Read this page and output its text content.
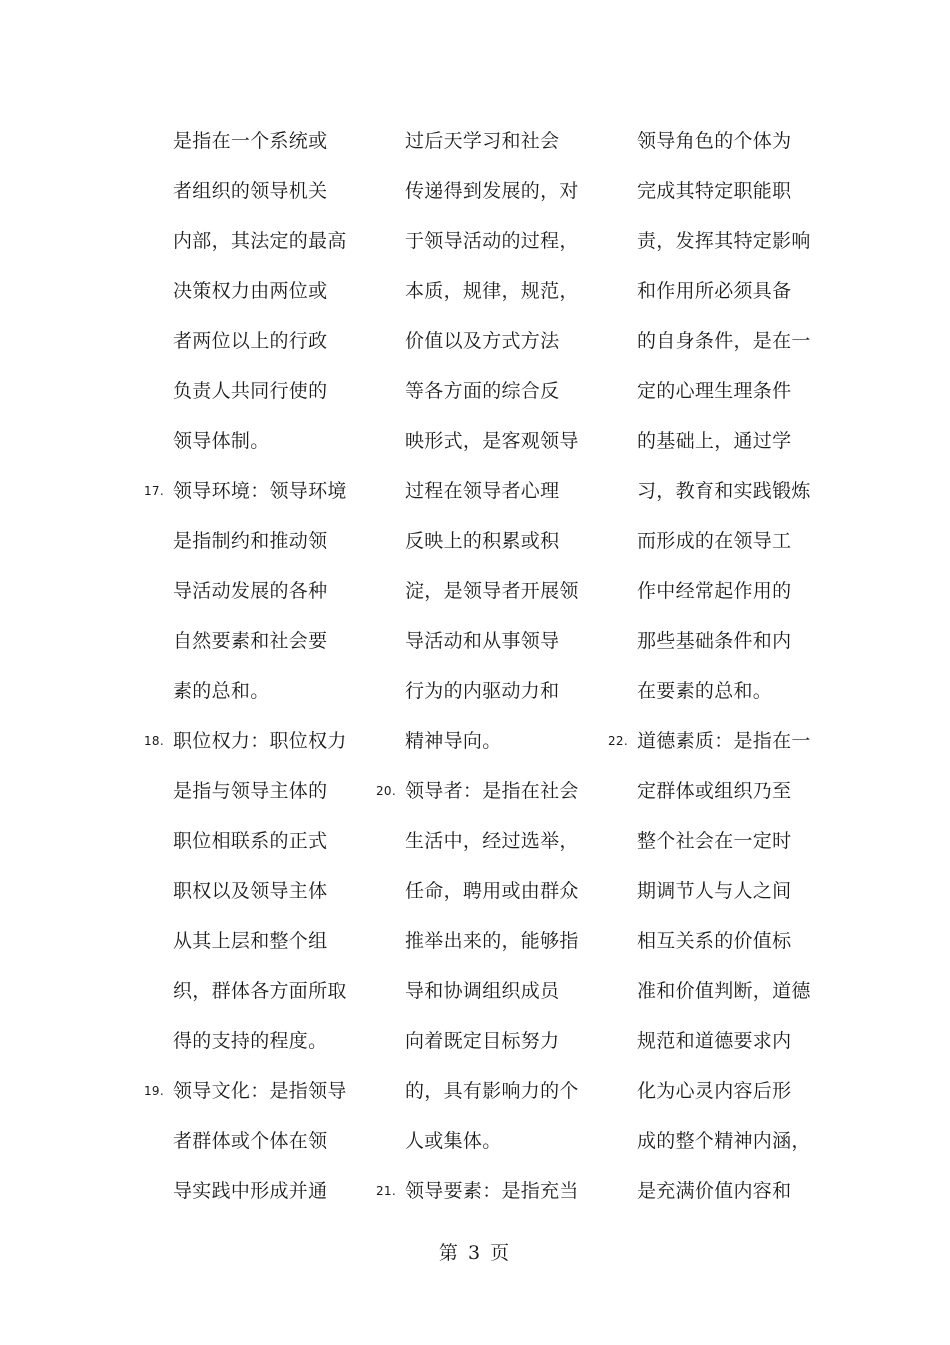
是指在一个系统或
者组织的领导机关
内部，其法定的最高
决策权力由两位或
者两位以上的行政
负责人共同行使的
领导体制。
17. 领导环境：领导环境
是指制约和推动领
导活动发展的各种
自然要素和社会要
素的总和。
18. 职位权力：职位权力
是指与领导主体的
职位相联系的正式
职权以及领导主体
从其上层和整个组
织，群体各方面所取
得的支持的程度。
19. 领导文化：是指领导
者群体或个体在领
导实践中形成并通
过后天学习和社会
传递得到发展的，对
于领导活动的过程，
本质，规律，规范，
价值以及方式方法
等各方面的综合反
映形式，是客观领导
过程在领导者心理
反映上的积累或积
淀，是领导者开展领
导活动和从事领导
行为的内驱动力和
精神导向。
20. 领导者：是指在社会
生活中，经过选举，
任命，聘用或由群众
推举出来的，能够指
导和协调组织成员
向着既定目标努力
的，具有影响力的个
人或集体。
21. 领导要素：是指充当
领导角色的个体为
完成其特定职能职
责，发挥其特定影响
和作用所必须具备
的自身条件，是在一
定的心理生理条件
的基础上，通过学
习，教育和实践锻炼
而形成的在领导工
作中经常起作用的
那些基础条件和内
在要素的总和。
22. 道德素质：是指在一
定群体或组织乃至
整个社会在一定时
期调节人与人之间
相互关系的价值标
准和价值判断，道德
规范和道德要求内
化为心灵内容后形
成的整个精神内涵，
是充满价值内容和
第 3 页
